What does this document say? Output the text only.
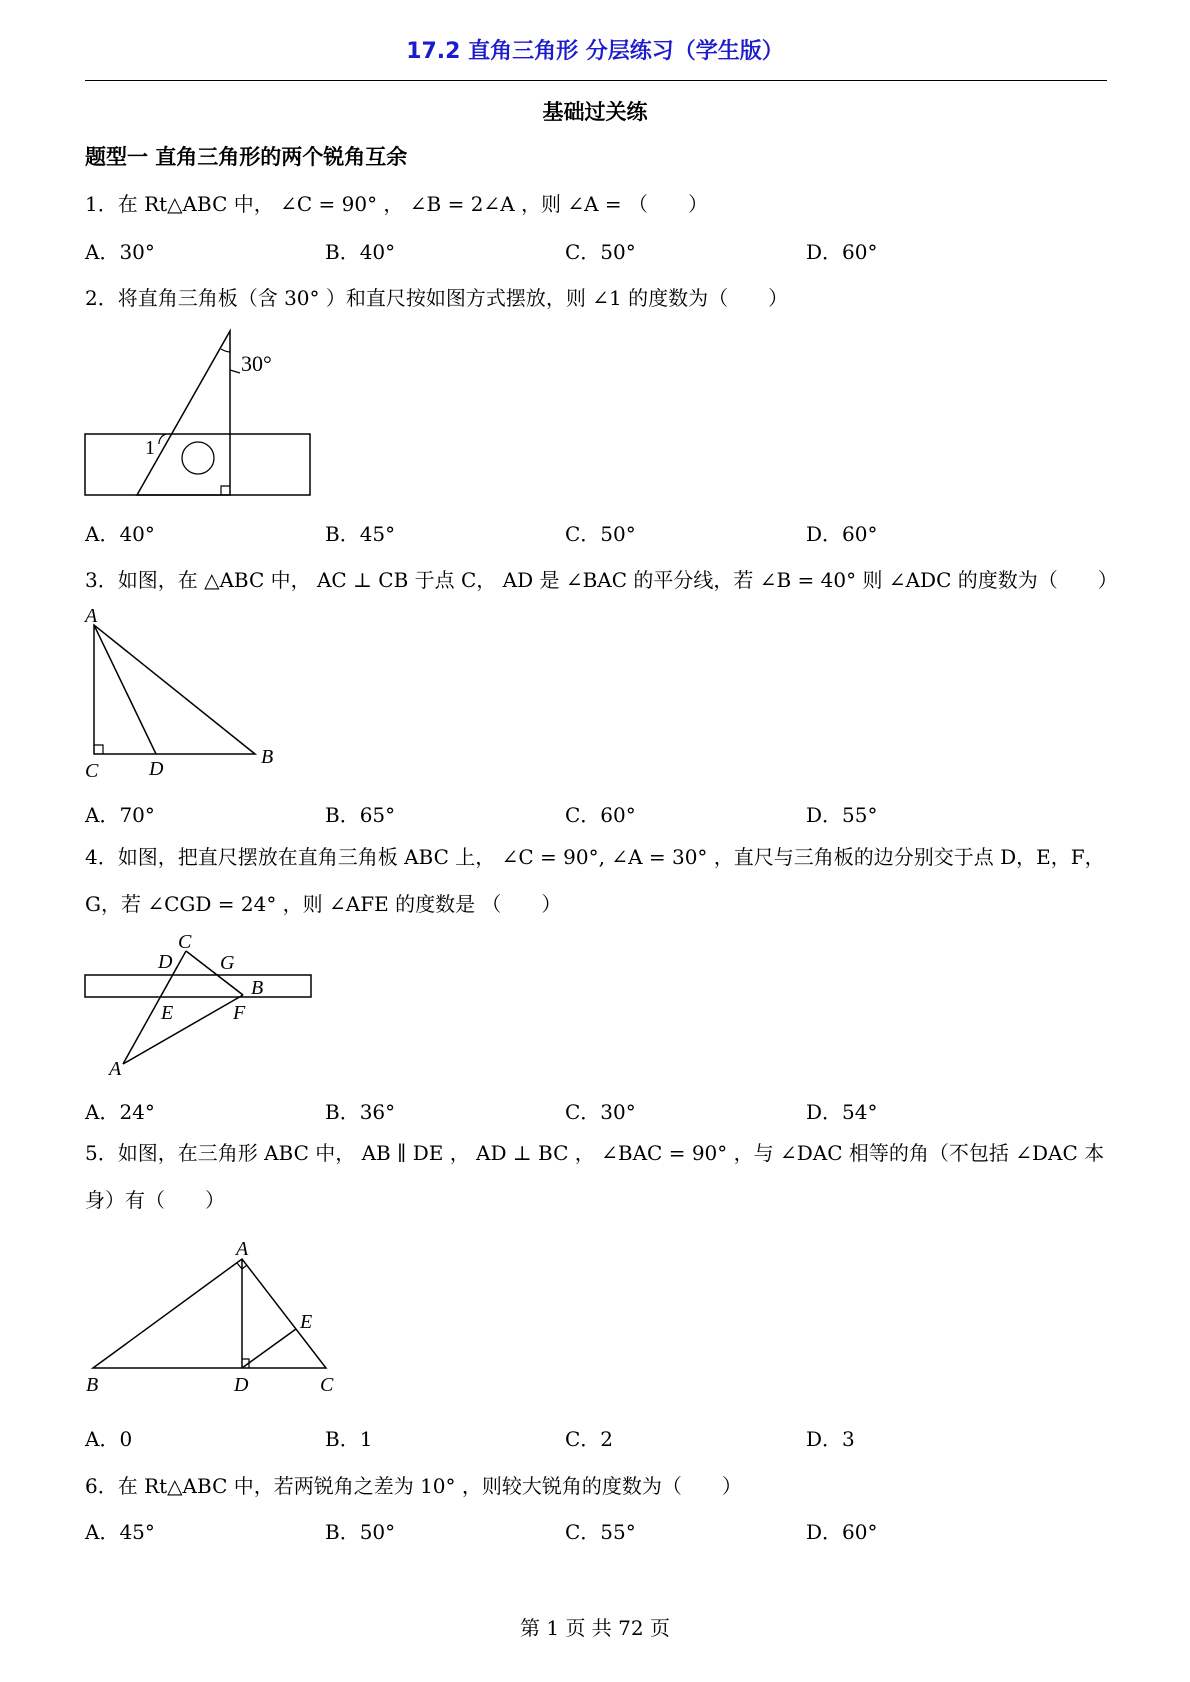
17.2 直角三角形 分层练习（学生版）
基础过关练
题型一 直角三角形的两个锐角互余
1．在 Rt△ABC 中， ∠C = 90° ， ∠B = 2∠A ，则 ∠A = （　　）
A．30°	B．40°	C．50°	D．60°
2．将直角三角板（含 30° ）和直尺按如图方式摆放，则 ∠1 的度数为（　　）
30°
1
A．40°	B．45°	C．50°	D．60°
3．如图，在 △ABC 中， AC ⊥ CB 于点 C， AD 是 ∠BAC 的平分线，若 ∠B = 40° 则 ∠ADC 的度数为（　　）
A
C	D
B
A．70°	B．65°	C．60°	D．55°
4．如图，把直尺摆放在直角三角板 ABC 上， ∠C = 90°, ∠A = 30° ，直尺与三角板的边分别交于点 D，E，F，G，若 ∠CGD = 24° ，则 ∠AFE 的度数是 （　　）
C
D G
B
E	F
A
A．24°	B．36°	C．30°	D．54°
5．如图，在三角形 ABC 中， AB ∥ DE ， AD ⊥ BC ， ∠BAC = 90° ，与 ∠DAC 相等的角（不包括 ∠DAC 本身）有（　　）
A
E
B	D	C
A．0	B．1	C．2	D．3
6．在 Rt△ABC 中，若两锐角之差为 10° ，则较大锐角的度数为（　　）
A．45°	B．50°	C．55°	D．60°
第 1 页 共 72 页
